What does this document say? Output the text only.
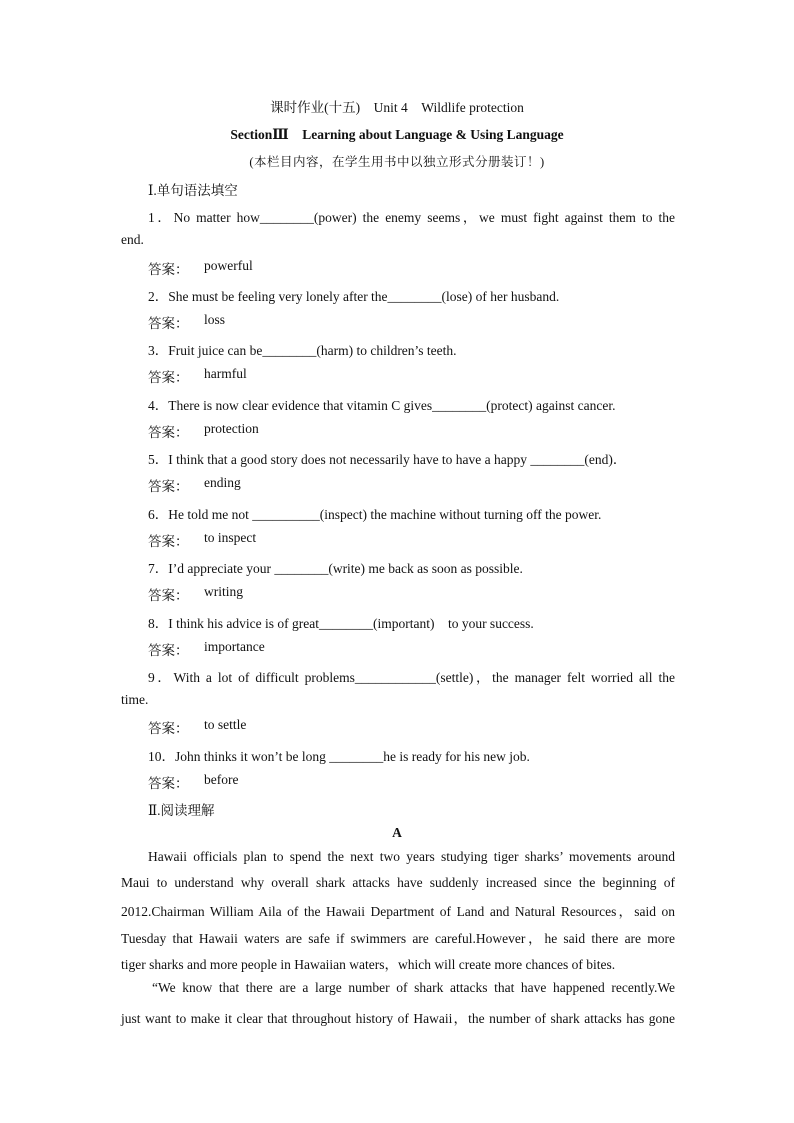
课时作业(十五)　Unit 4　Wildlife protection
SectionⅢ　Learning about Language & Using Language
(本栏目内容，在学生用书中以独立形式分册装订！)
Ⅰ.单句语法填空
1．No matter how________(power) the enemy seems，we must fight against them to the
end.
答案： powerful
2．She must be feeling very lonely after the________(lose) of her husband.
答案： loss
3．Fruit juice can be________(harm) to children’s teeth.
答案： harmful
4．There is now clear evidence that vitamin C gives________(protect) against cancer.
答案： protection
5．I think that a good story does not necessarily have to have a happy ________(end)．
答案： ending
6．He told me not __________(inspect) the machine without turning off the power.
答案： to inspect
7．I’d appreciate your ________(write) me back as soon as possible.
答案： writing
8．I think his advice is of great________(important)　to your success.
答案： importance
9．With a lot of difficult problems____________(settle)，the manager felt worried all the
time.
答案： to settle
10．John thinks it won’t be long ________he is ready for his new job.
答案： before
Ⅱ.阅读理解
A
Hawaii officials plan to spend the next two years studying tiger sharks’ movements around
Maui to understand why overall shark attacks have suddenly increased since the beginning of
2012.Chairman William Aila of the Hawaii Department of Land and Natural Resources，said on
Tuesday that Hawaii waters are safe if swimmers are careful.However，he said there are more
tiger sharks and more people in Hawaiian waters，which will create more chances of bites.
“We know that there are a large number of shark attacks that have happened recently.We
just want to make it clear that throughout history of Hawaii，the number of shark attacks has gone
